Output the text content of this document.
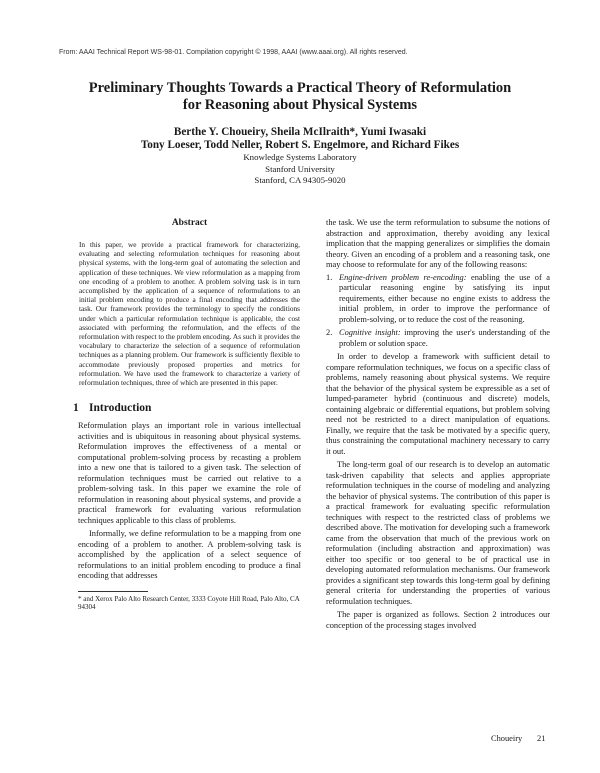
From: AAAI Technical Report WS-98-01. Compilation copyright © 1998, AAAI (www.aaai.org). All rights reserved.
Preliminary Thoughts Towards a Practical Theory of Reformulation
for Reasoning about Physical Systems

Berthe Y. Choueiry, Sheila McIlraith*, Yumi Iwasaki
Tony Loeser, Todd Neller, Robert S. Engelmore, and Richard Fikes

Knowledge Systems Laboratory
Stanford University
Stanford, CA 94305-9020

Abstract

In this paper, we provide a practical framework for characterizing, evaluating and selecting reformulation techniques for reasoning about physical systems, with the long-term goal of automating the selection and application of these techniques. We view reformulation as a mapping from one encoding of a problem to another. A problem solving task is in turn accomplished by the application of a sequence of reformulations to an initial problem encoding to produce a final encoding that addresses the task. Our framework provides the terminology to specify the conditions under which a particular reformulation technique is applicable, the cost associated with performing the reformulation, and the effects of the reformulation with respect to the problem encoding. As such it provides the vocabulary to characterize the selection of a sequence of reformulation techniques as a planning problem. Our framework is sufficiently flexible to accommodate previously proposed properties and metrics for reformulation. We have used the framework to characterize a variety of reformulation techniques, three of which are presented in this paper.

1 Introduction

Reformulation plays an important role in various intellectual activities and is ubiquitous in reasoning about physical systems. Reformulation improves the effectiveness of a mental or computational problem-solving process by recasting a problem into a new one that is tailored to a given task. The selection of reformulation techniques must be carried out relative to a problem-solving task. In this paper we examine the role of reformulation in reasoning about physical systems, and provide a practical framework for evaluating various reformulation techniques applicable to this class of problems.

Informally, we define reformulation to be a mapping from one encoding of a problem to another. A problem-solving task is accomplished by the application of a select sequence of reformulations to an initial problem encoding to produce a final encoding that addresses

* and Xerox Palo Alto Research Center, 3333 Coyote Hill Road, Palo Alto, CA 94304

the task. We use the term reformulation to subsume the notions of abstraction and approximation, thereby avoiding any lexical implication that the mapping generalizes or simplifies the domain theory. Given an encoding of a problem and a reasoning task, one may choose to reformulate for any of the following reasons:

1. Engine-driven problem re-encoding: enabling the use of a particular reasoning engine by satisfying its input requirements, either because no engine exists to address the initial problem, in order to improve the performance of problem-solving, or to reduce the cost of the reasoning.
2. Cognitive insight: improving the user's understanding of the problem or solution space.

In order to develop a framework with sufficient detail to compare reformulation techniques, we focus on a specific class of problems, namely reasoning about physical systems. We require that the behavior of the physical system be expressible as a set of lumped-parameter hybrid (continuous and discrete) models, containing algebraic or differential equations, but problem solving need not be restricted to a direct manipulation of equations. Finally, we require that the task be motivated by a specific query, thus constraining the computational machinery necessary to carry it out.

The long-term goal of our research is to develop an automatic task-driven capability that selects and applies appropriate reformulation techniques in the course of modeling and analyzing the behavior of physical systems. The contribution of this paper is a practical framework for evaluating specific reformulation techniques with respect to the restricted class of problems we described above. The motivation for developing such a framework came from the observation that much of the previous work on reformulation (including abstraction and approximation) was either too specific or too general to be of practical use in developing automated reformulation mechanisms. Our framework provides a significant step towards this long-term goal by defining general criteria for understanding the properties of various reformulation techniques.

The paper is organized as follows. Section 2 introduces our conception of the processing stages involved

Choueiry 21
